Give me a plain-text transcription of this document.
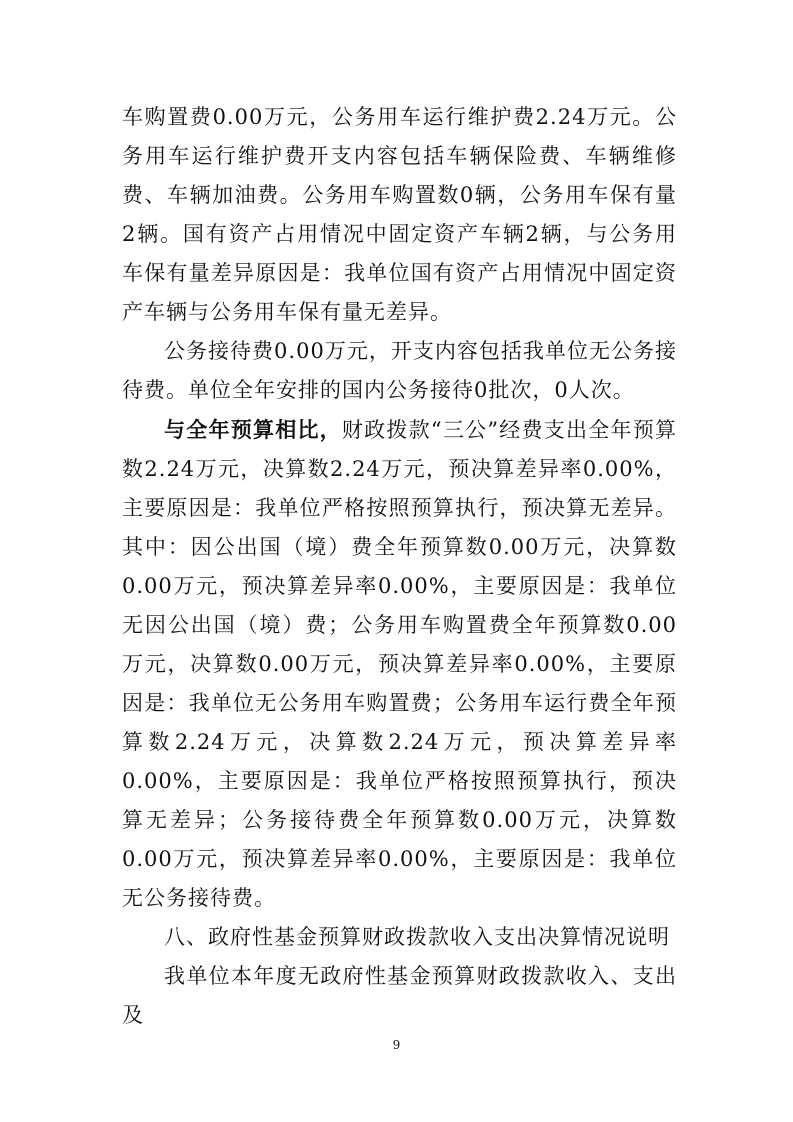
车购置费0.00万元，公务用车运行维护费2.24万元。公务用车运行维护费开支内容包括车辆保险费、车辆维修费、车辆加油费。公务用车购置数0辆，公务用车保有量2辆。国有资产占用情况中固定资产车辆2辆，与公务用车保有量差异原因是：我单位国有资产占用情况中固定资产车辆与公务用车保有量无差异。

公务接待费0.00万元，开支内容包括我单位无公务接待费。单位全年安排的国内公务接待0批次，0人次。

与全年预算相比，财政拨款“三公”经费支出全年预算数2.24万元，决算数2.24万元，预决算差异率0.00%，主要原因是：我单位严格按照预算执行，预决算无差异。其中：因公出国（境）费全年预算数0.00万元，决算数0.00万元，预决算差异率0.00%，主要原因是：我单位无因公出国（境）费；公务用车购置费全年预算数0.00万元，决算数0.00万元，预决算差异率0.00%，主要原因是：我单位无公务用车购置费；公务用车运行费全年预算数2.24万元，决算数2.24万元，预决算差异率0.00%，主要原因是：我单位严格按照预算执行，预决算无差异；公务接待费全年预算数0.00万元，决算数0.00万元，预决算差异率0.00%，主要原因是：我单位无公务接待费。

八、政府性基金预算财政拨款收入支出决算情况说明

我单位本年度无政府性基金预算财政拨款收入、支出及

9
